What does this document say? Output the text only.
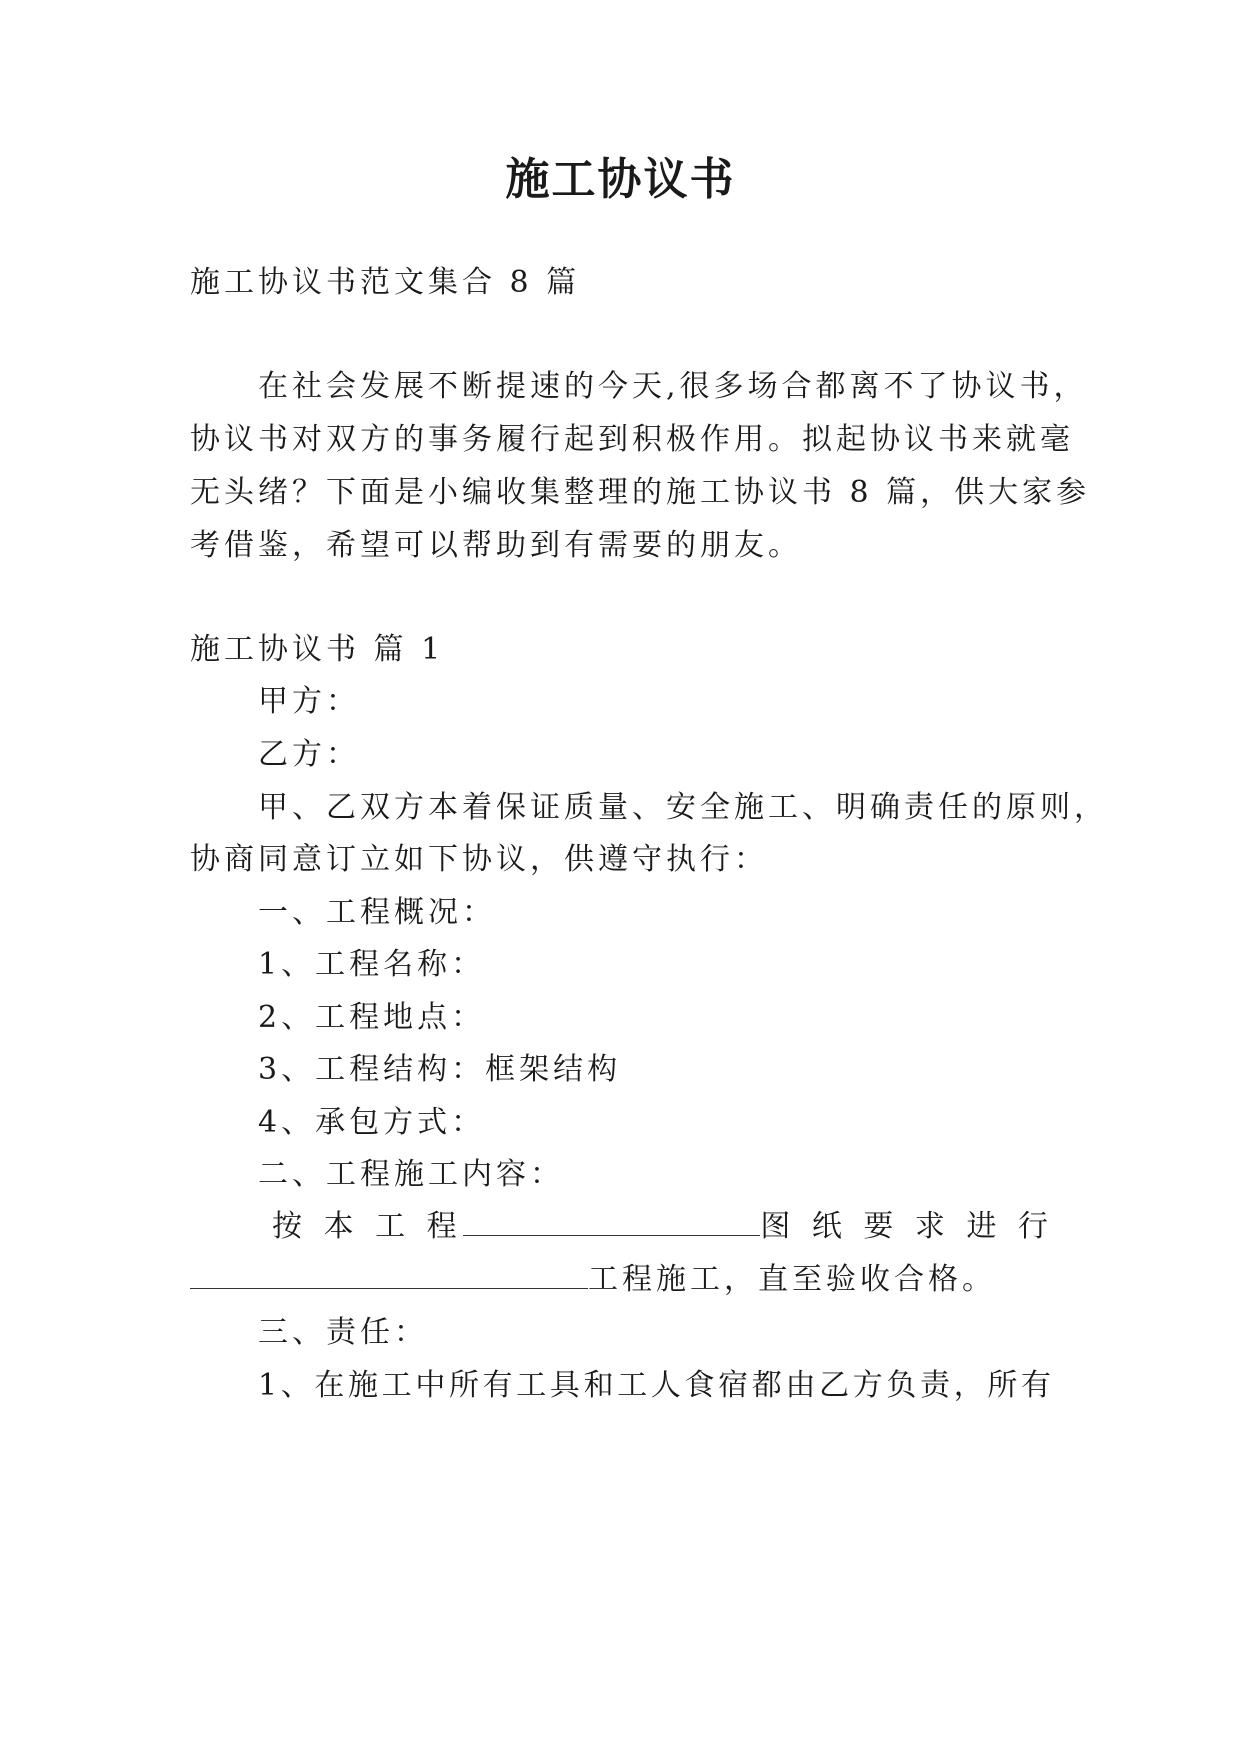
施工协议书
施工协议书范文集合 8 篇
在社会发展不断提速的今天,很多场合都离不了协议书，
协议书对双方的事务履行起到积极作用。拟起协议书来就毫
无头绪？下面是小编收集整理的施工协议书 8 篇，供大家参
考借鉴，希望可以帮助到有需要的朋友。
施工协议书 篇 1
甲方：
乙方：
甲、乙双方本着保证质量、安全施工、明确责任的原则，
协商同意订立如下协议，供遵守执行：
一、工程概况：
1、工程名称：
2、工程地点：
3、工程结构：框架结构
4、承包方式：
二、工程施工内容：
按 本 工 程	图 纸 要 求 进 行
工程施工，直至验收合格。
三、责任：
1、在施工中所有工具和工人食宿都由乙方负责，所有
